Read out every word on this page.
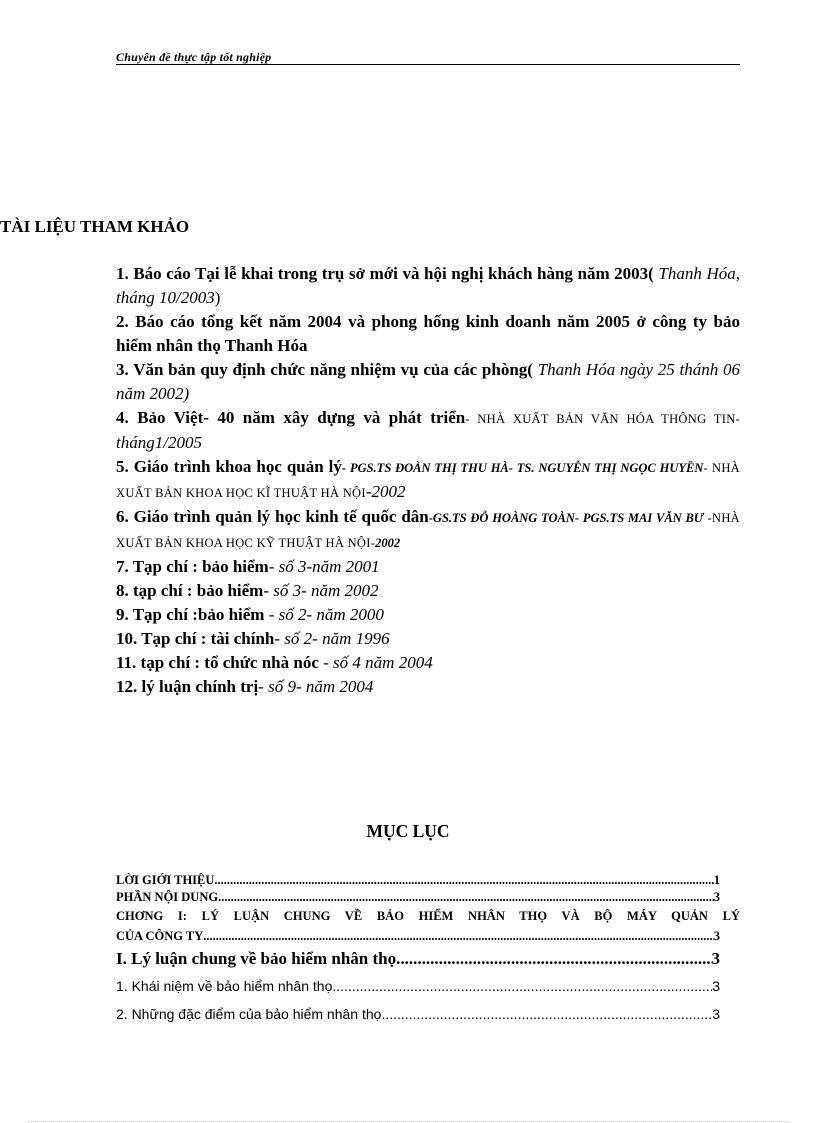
Chuyên đề thực tập tốt nghiệp
TÀI LIỆU THAM KHẢO
1. Báo cáo Tại lễ khai trong trụ sở mới và hội nghị khách hàng năm 2003( Thanh Hóa, tháng 10/2003)
2. Báo cáo tổng kết năm 2004 và phong hống kinh doanh năm 2005 ở công ty bảo hiểm nhân thọ Thanh Hóa
3. Văn bản quy định chức năng nhiệm vụ của các phòng( Thanh Hóa ngày 25 thánh 06 năm 2002)
4. Bảo Việt- 40 năm xây dựng và phát triển- NHÀ XUẤT BẢN VĂN HÓA THÔNG TIN- tháng1/2005
5. Giáo trình khoa học quản lý- PGS.TS ĐOÀN THỊ THU HÀ- TS. NGUYỄN THỊ NGỌC HUYỀN- NHÀ XUẤT BẢN KHOA HỌC KĨ THUẬT HÀ NỘI-2002
6. Giáo trình quản lý học kinh tế quốc dân-GS.TS ĐỖ HOÀNG TOÀN- PGS.TS MAI VĂN BƯ -NHÀ XUẤT BẢN KHOA HỌC KỸ THUẬT HÀ NỘI-2002
7. Tạp chí : bảo hiểm- số 3-năm 2001
8. tạp chí : bảo hiểm- số 3- năm 2002
9. Tạp chí :bảo hiểm - số 2- năm 2000
10. Tạp chí : tài chính- số 2- năm 1996
11. tạp chí : tổ chức nhà nóc - số 4 năm 2004
12. lý luận chính trị- số 9- năm 2004
MỤC LỤC
LỜI GIỚI THIỆU .....	1
PHẦN NỘI DUNG .....	3
CHƠNG I: LÝ LUẬN CHUNG VỀ BẢO HIỂM NHÂN THỌ VÀ BỘ MÁY QUẢN LÝ
CỦA CÔNG TY .....	3
I. Lý luận chung về bảo hiểm nhân thọ .....	3
1. Khái niệm về bảo hiểm nhân thọ .....	3
2. Những đặc điểm của bảo hiểm nhân thọ .....	3
